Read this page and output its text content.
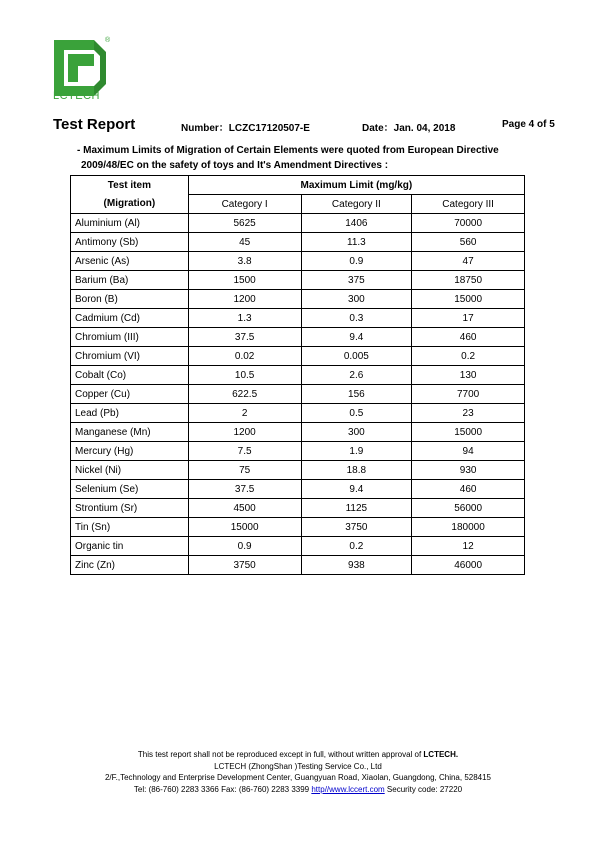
®
LCTECH
Test Report	Number：LCZC17120507-E	Date：Jan. 04, 2018	Page 4 of 5
- Maximum Limits of Migration of Certain Elements were quoted from European Directive
2009/48/EC on the safety of toys and It's Amendment Directives :
Test item
(Migration)	Maximum Limit (mg/kg)		
	Category I	Category II	Category III
Aluminium (Al)	5625	1406	70000
Antimony (Sb)	45	11.3	560
Arsenic (As)	3.8	0.9	47
Barium (Ba)	1500	375	18750
Boron (B)	1200	300	15000
Cadmium (Cd)	1.3	0.3	17
Chromium (III)	37.5	9.4	460
Chromium (VI)	0.02	0.005	0.2
Cobalt (Co)	10.5	2.6	130
Copper (Cu)	622.5	156	7700
Lead (Pb)	2	0.5	23
Manganese (Mn)	1200	300	15000
Mercury (Hg)	7.5	1.9	94
Nickel (Ni)	75	18.8	930
Selenium (Se)	37.5	9.4	460
Strontium (Sr)	4500	1125	56000
Tin (Sn)	15000	3750	180000
Organic tin	0.9	0.2	12
Zinc (Zn)	3750	938	46000
This test report shall not be reproduced except in full, without written approval of LCTECH.
LCTECH (ZhongShan )Testing Service Co., Ltd
2/F.,Technology and Enterprise Development Center, Guangyuan Road, Xiaolan, Guangdong, China, 528415
Tel: (86-760) 2283 3366 Fax: (86-760) 2283 3399 http//www.lccert.com Security code: 27220
